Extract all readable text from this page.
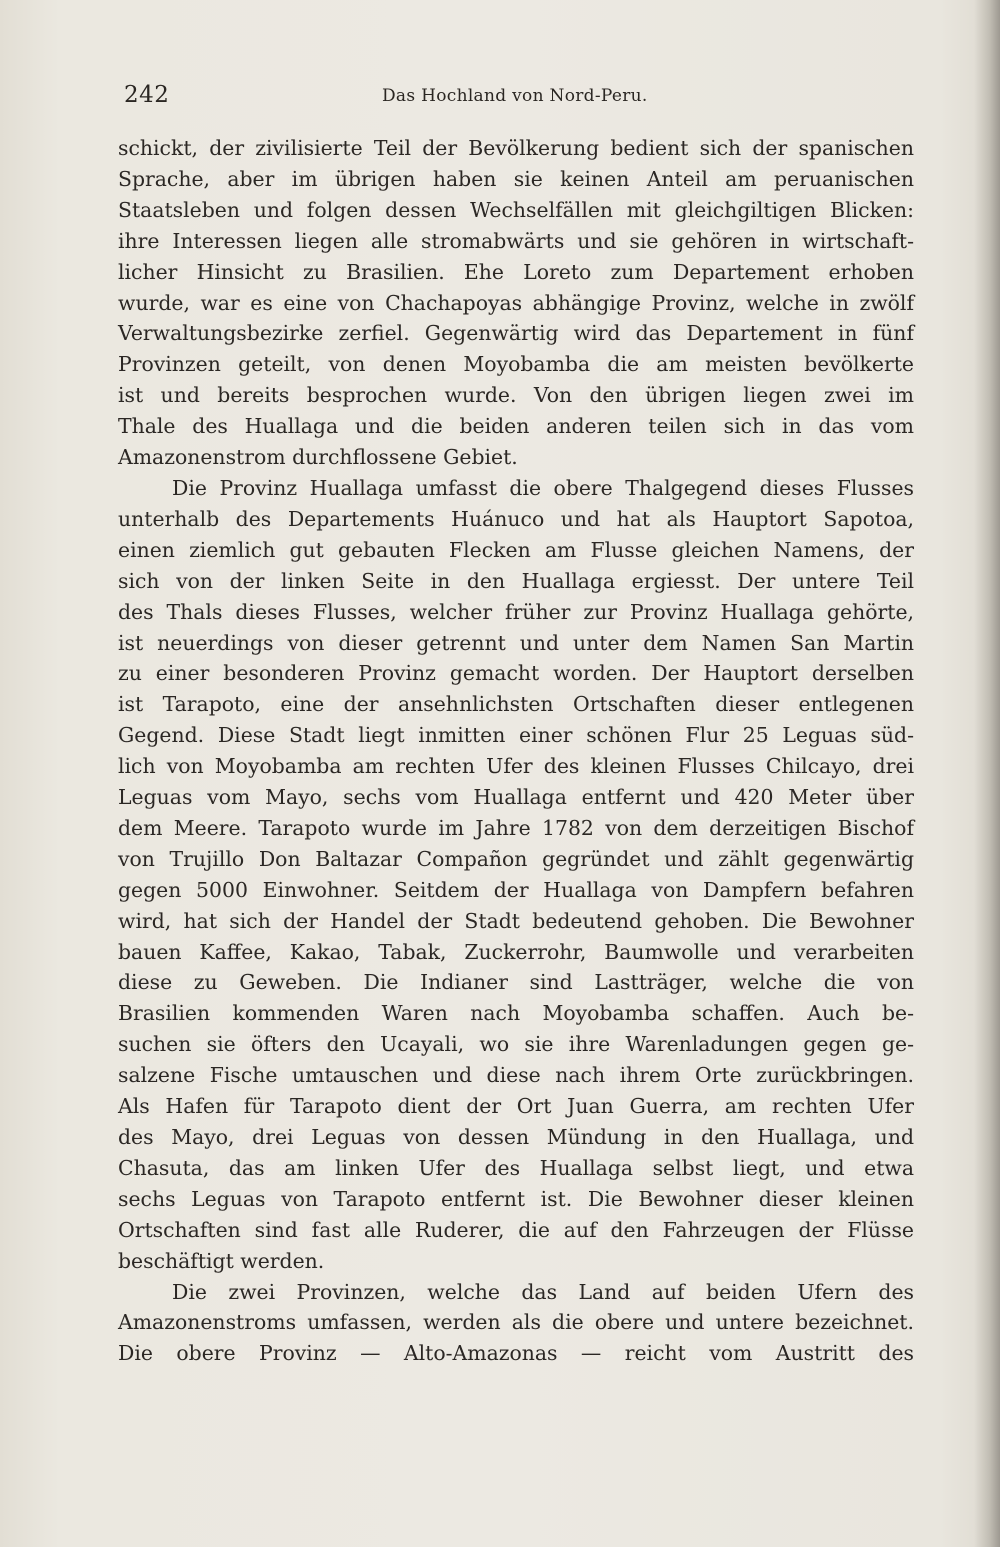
242	Das Hochland von Nord-Peru.

schickt, der zivilisierte Teil der Bevölkerung bedient sich der spanischen
Sprache, aber im übrigen haben sie keinen Anteil am peruanischen
Staatsleben und folgen dessen Wechselfällen mit gleichgiltigen Blicken:
ihre Interessen liegen alle stromabwärts und sie gehören in wirtschaft-
licher Hinsicht zu Brasilien. Ehe Loreto zum Departement erhoben
wurde, war es eine von Chachapoyas abhängige Provinz, welche in zwölf
Verwaltungsbezirke zerfiel. Gegenwärtig wird das Departement in fünf
Provinzen geteilt, von denen Moyobamba die am meisten bevölkerte
ist und bereits besprochen wurde. Von den übrigen liegen zwei im
Thale des Huallaga und die beiden anderen teilen sich in das vom
Amazonenstrom durchflossene Gebiet.

Die Provinz Huallaga umfasst die obere Thalgegend dieses Flusses
unterhalb des Departements Huánuco und hat als Hauptort Sapotoa,
einen ziemlich gut gebauten Flecken am Flusse gleichen Namens, der
sich von der linken Seite in den Huallaga ergiesst. Der untere Teil
des Thals dieses Flusses, welcher früher zur Provinz Huallaga gehörte,
ist neuerdings von dieser getrennt und unter dem Namen San Martin
zu einer besonderen Provinz gemacht worden. Der Hauptort derselben
ist Tarapoto, eine der ansehnlichsten Ortschaften dieser entlegenen
Gegend. Diese Stadt liegt inmitten einer schönen Flur 25 Leguas süd-
lich von Moyobamba am rechten Ufer des kleinen Flusses Chilcayo, drei
Leguas vom Mayo, sechs vom Huallaga entfernt und 420 Meter über
dem Meere. Tarapoto wurde im Jahre 1782 von dem derzeitigen Bischof
von Trujillo Don Baltazar Compañon gegründet und zählt gegenwärtig
gegen 5000 Einwohner. Seitdem der Huallaga von Dampfern befahren
wird, hat sich der Handel der Stadt bedeutend gehoben. Die Bewohner
bauen Kaffee, Kakao, Tabak, Zuckerrohr, Baumwolle und verarbeiten
diese zu Geweben. Die Indianer sind Lastträger, welche die von
Brasilien kommenden Waren nach Moyobamba schaffen. Auch be-
suchen sie öfters den Ucayali, wo sie ihre Warenladungen gegen ge-
salzene Fische umtauschen und diese nach ihrem Orte zurückbringen.
Als Hafen für Tarapoto dient der Ort Juan Guerra, am rechten Ufer
des Mayo, drei Leguas von dessen Mündung in den Huallaga, und
Chasuta, das am linken Ufer des Huallaga selbst liegt, und etwa
sechs Leguas von Tarapoto entfernt ist. Die Bewohner dieser kleinen
Ortschaften sind fast alle Ruderer, die auf den Fahrzeugen der Flüsse
beschäftigt werden.

Die zwei Provinzen, welche das Land auf beiden Ufern des
Amazonenstroms umfassen, werden als die obere und untere bezeichnet.
Die obere Provinz — Alto-Amazonas — reicht vom Austritt des
